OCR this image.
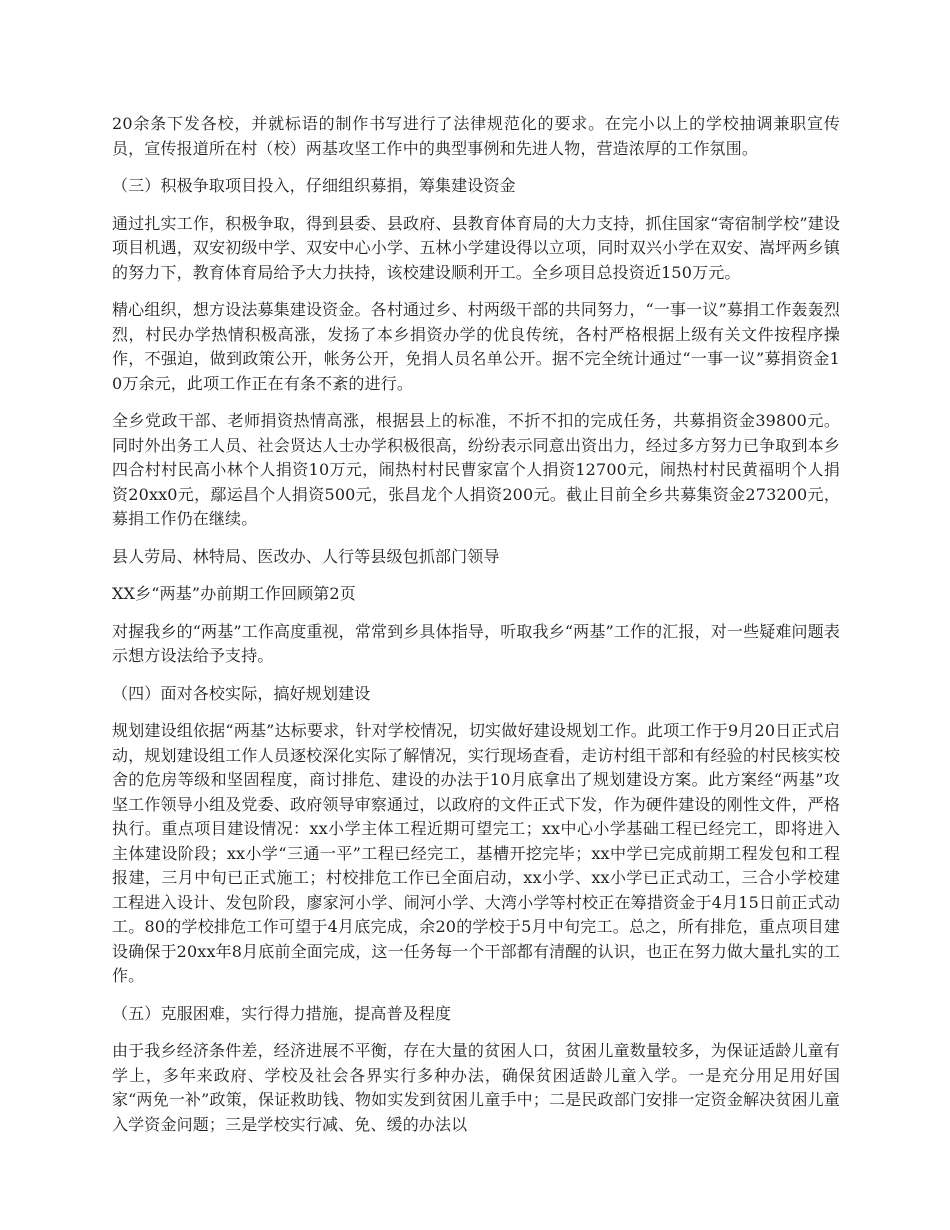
20余条下发各校，并就标语的制作书写进行了法律规范化的要求。在完小以上的学校抽调兼职宣传员，宣传报道所在村（校）两基攻坚工作中的典型事例和先进人物，营造浓厚的工作氛围。

（三）积极争取项目投入，仔细组织募捐，筹集建设资金

通过扎实工作，积极争取，得到县委、县政府、县教育体育局的大力支持，抓住国家“寄宿制学校”建设项目机遇，双安初级中学、双安中心小学、五林小学建设得以立项，同时双兴小学在双安、嵩坪两乡镇的努力下，教育体育局给予大力扶持，该校建设顺利开工。全乡项目总投资近150万元。

精心组织，想方设法募集建设资金。各村通过乡、村两级干部的共同努力，“一事一议”募捐工作轰轰烈烈，村民办学热情积极高涨，发扬了本乡捐资办学的优良传统，各村严格根据上级有关文件按程序操作，不强迫，做到政策公开，帐务公开，免捐人员名单公开。据不完全统计通过“一事一议”募捐资金10万余元，此项工作正在有条不紊的进行。

全乡党政干部、老师捐资热情高涨，根据县上的标准，不折不扣的完成任务，共募捐资金39800元。同时外出务工人员、社会贤达人士办学积极很高，纷纷表示同意出资出力，经过多方努力已争取到本乡四合村村民高小林个人捐资10万元，闹热村村民曹家富个人捐资12700元，闹热村村民黄福明个人捐资20xx0元，鄢运昌个人捐资500元，张昌龙个人捐资200元。截止目前全乡共募集资金273200元，募捐工作仍在继续。

县人劳局、林特局、医改办、人行等县级包抓部门领导

XX乡“两基”办前期工作回顾第2页

对握我乡的“两基”工作高度重视，常常到乡具体指导，听取我乡“两基”工作的汇报，对一些疑难问题表示想方设法给予支持。

（四）面对各校实际，搞好规划建设

规划建设组依据“两基”达标要求，针对学校情况，切实做好建设规划工作。此项工作于9月20日正式启动，规划建设组工作人员逐校深化实际了解情况，实行现场查看，走访村组干部和有经验的村民核实校舍的危房等级和坚固程度，商讨排危、建设的办法于10月底拿出了规划建设方案。此方案经“两基”攻坚工作领导小组及党委、政府领导审察通过，以政府的文件正式下发，作为硬件建设的刚性文件，严格执行。重点项目建设情况：xx小学主体工程近期可望完工；xx中心小学基础工程已经完工，即将进入主体建设阶段；xx小学“三通一平”工程已经完工，基槽开挖完毕；xx中学已完成前期工程发包和工程报建，三月中旬已正式施工；村校排危工作已全面启动，xx小学、xx小学已正式动工，三合小学校建工程进入设计、发包阶段，廖家河小学、闹河小学、大湾小学等村校正在筹措资金于4月15日前正式动工。80的学校排危工作可望于4月底完成，余20的学校于5月中旬完工。总之，所有排危，重点项目建设确保于20xx年8月底前全面完成，这一任务每一个干部都有清醒的认识，也正在努力做大量扎实的工作。

（五）克服困难，实行得力措施，提高普及程度

由于我乡经济条件差，经济进展不平衡，存在大量的贫困人口，贫困儿童数量较多，为保证适龄儿童有学上，多年来政府、学校及社会各界实行多种办法，确保贫困适龄儿童入学。一是充分用足用好国家“两免一补”政策，保证救助钱、物如实发到贫困儿童手中；二是民政部门安排一定资金解决贫困儿童入学资金问题；三是学校实行减、免、缓的办法以
